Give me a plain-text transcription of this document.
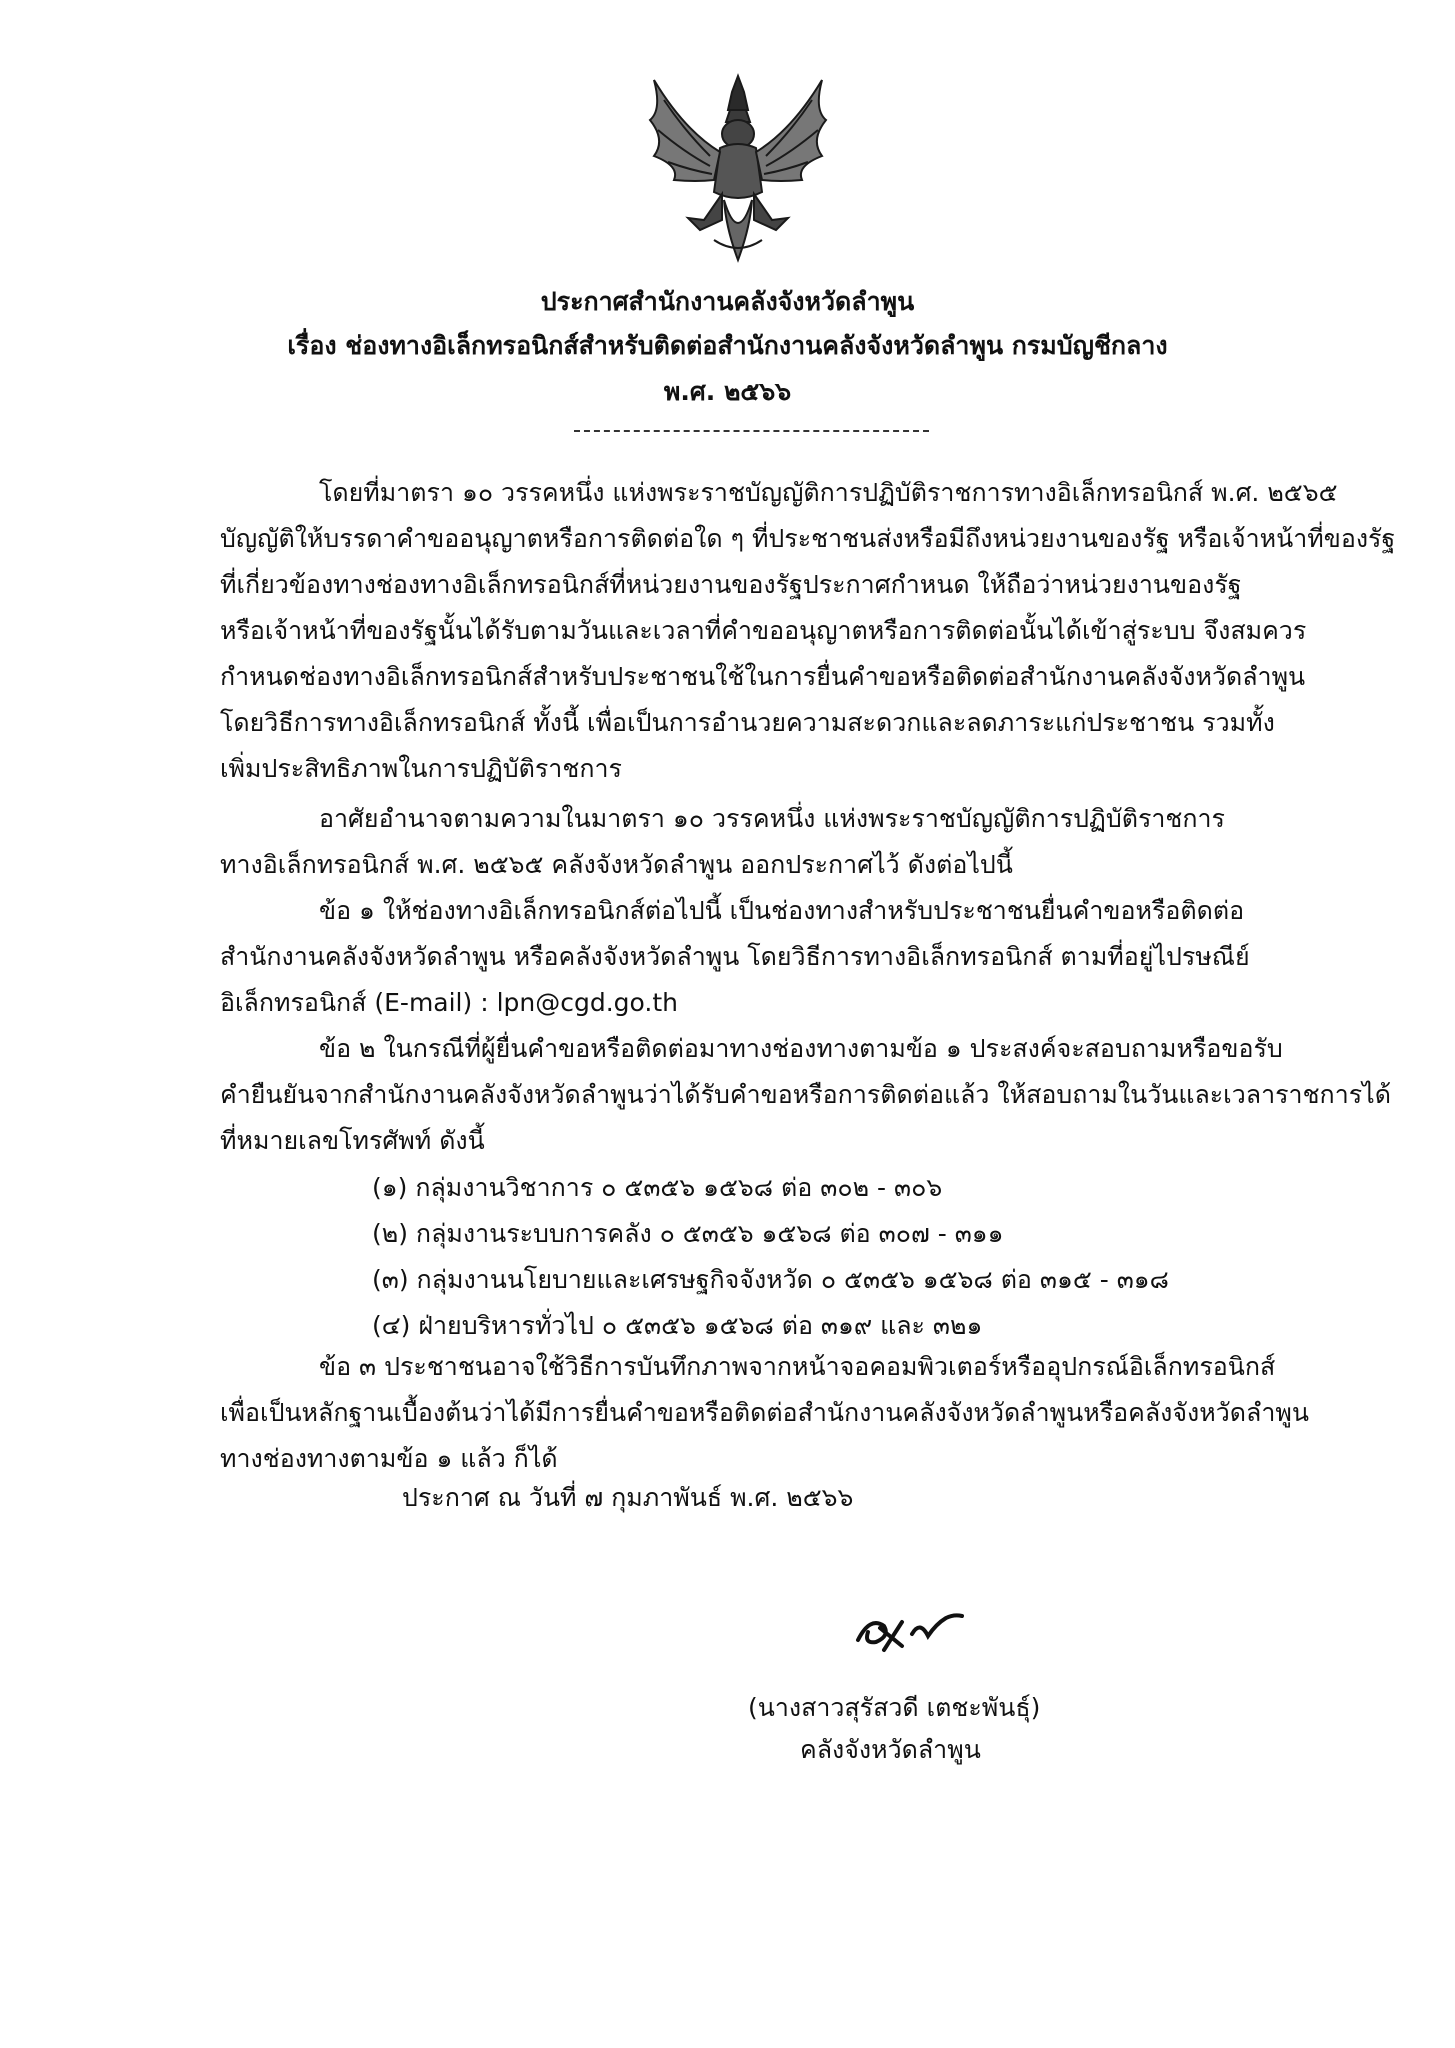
ประกาศสำนักงานคลังจังหวัดลำพูน
เรื่อง ช่องทางอิเล็กทรอนิกส์สำหรับติดต่อสำนักงานคลังจังหวัดลำพูน กรมบัญชีกลาง
พ.ศ. ๒๕๖๖
โดยที่มาตรา ๑๐ วรรคหนึ่ง แห่งพระราชบัญญัติการปฏิบัติราชการทางอิเล็กทรอนิกส์ พ.ศ. ๒๕๖๕
บัญญัติให้บรรดาคำขออนุญาตหรือการติดต่อใด ๆ ที่ประชาชนส่งหรือมีถึงหน่วยงานของรัฐ หรือเจ้าหน้าที่ของรัฐ
ที่เกี่ยวข้องทางช่องทางอิเล็กทรอนิกส์ที่หน่วยงานของรัฐประกาศกำหนด ให้ถือว่าหน่วยงานของรัฐ
หรือเจ้าหน้าที่ของรัฐนั้นได้รับตามวันและเวลาที่คำขออนุญาตหรือการติดต่อนั้นได้เข้าสู่ระบบ จึงสมควร
กำหนดช่องทางอิเล็กทรอนิกส์สำหรับประชาชนใช้ในการยื่นคำขอหรือติดต่อสำนักงานคลังจังหวัดลำพูน
โดยวิธีการทางอิเล็กทรอนิกส์ ทั้งนี้ เพื่อเป็นการอำนวยความสะดวกและลดภาระแก่ประชาชน รวมทั้ง
เพิ่มประสิทธิภาพในการปฏิบัติราชการ
อาศัยอำนาจตามความในมาตรา ๑๐ วรรคหนึ่ง แห่งพระราชบัญญัติการปฏิบัติราชการ
ทางอิเล็กทรอนิกส์ พ.ศ. ๒๕๖๕ คลังจังหวัดลำพูน ออกประกาศไว้ ดังต่อไปนี้
ข้อ ๑ ให้ช่องทางอิเล็กทรอนิกส์ต่อไปนี้ เป็นช่องทางสำหรับประชาชนยื่นคำขอหรือติดต่อ
สำนักงานคลังจังหวัดลำพูน หรือคลังจังหวัดลำพูน โดยวิธีการทางอิเล็กทรอนิกส์ ตามที่อยู่ไปรษณีย์
อิเล็กทรอนิกส์ (E-mail) : lpn@cgd.go.th
ข้อ ๒ ในกรณีที่ผู้ยื่นคำขอหรือติดต่อมาทางช่องทางตามข้อ ๑ ประสงค์จะสอบถามหรือขอรับ
คำยืนยันจากสำนักงานคลังจังหวัดลำพูนว่าได้รับคำขอหรือการติดต่อแล้ว ให้สอบถามในวันและเวลาราชการได้
ที่หมายเลขโทรศัพท์ ดังนี้
(๑) กลุ่มงานวิชาการ ๐ ๕๓๕๖ ๑๕๖๘ ต่อ ๓๐๒ - ๓๐๖
(๒) กลุ่มงานระบบการคลัง ๐ ๕๓๕๖ ๑๕๖๘ ต่อ ๓๐๗ - ๓๑๑
(๓) กลุ่มงานนโยบายและเศรษฐกิจจังหวัด ๐ ๕๓๕๖ ๑๕๖๘ ต่อ ๓๑๕ - ๓๑๘
(๔) ฝ่ายบริหารทั่วไป ๐ ๕๓๕๖ ๑๕๖๘ ต่อ ๓๑๙ และ ๓๒๑
ข้อ ๓ ประชาชนอาจใช้วิธีการบันทึกภาพจากหน้าจอคอมพิวเตอร์หรืออุปกรณ์อิเล็กทรอนิกส์
เพื่อเป็นหลักฐานเบื้องต้นว่าได้มีการยื่นคำขอหรือติดต่อสำนักงานคลังจังหวัดลำพูนหรือคลังจังหวัดลำพูน
ทางช่องทางตามข้อ ๑ แล้ว ก็ได้
ประกาศ ณ วันที่ ๗ กุมภาพันธ์ พ.ศ. ๒๕๖๖
(นางสาวสุรัสวดี เตชะพันธุ์)
คลังจังหวัดลำพูน
